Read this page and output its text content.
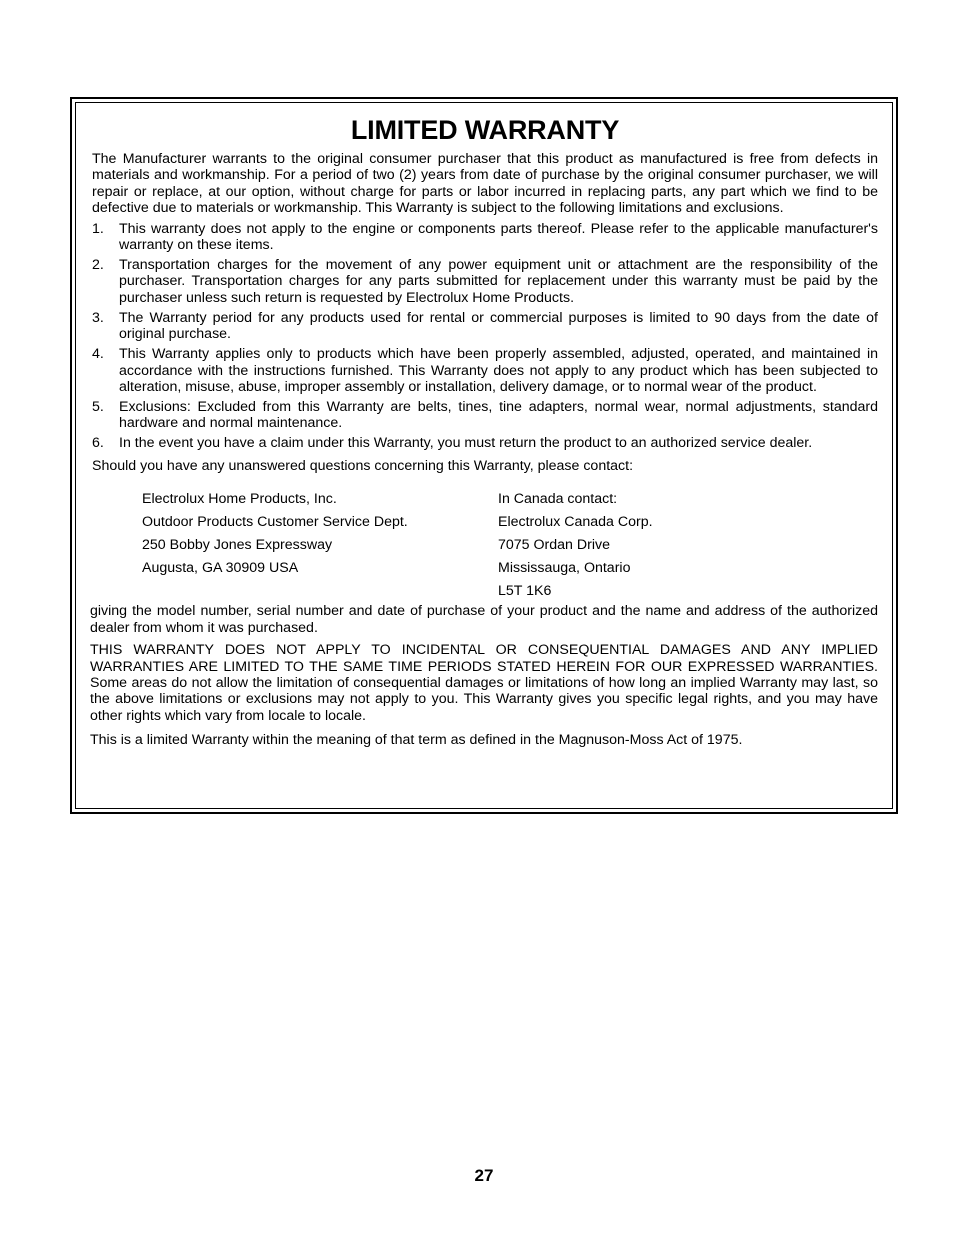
LIMITED WARRANTY

The Manufacturer warrants to the original consumer purchaser that this product as manufactured is free from defects in materials and workmanship. For a period of two (2) years from date of purchase by the original consumer purchaser, we will repair or replace, at our option, without charge for parts or labor incurred in replacing parts, any part which we find to be defective due to materials or workmanship. This Warranty is subject to the following limitations and exclusions.

1.	This warranty does not apply to the engine or components parts thereof. Please refer to the applicable manufacturer's warranty on these items.
2.	Transportation charges for the movement of any power equipment unit or attachment are the responsibility of the purchaser. Transportation charges for any parts submitted for replacement under this warranty must be paid by the purchaser unless such return is requested by Electrolux Home Products.
3.	The Warranty period for any products used for rental or commercial purposes is limited to 90 days from the date of original purchase.
4.	This Warranty applies only to products which have been properly assembled, adjusted, operated, and maintained in accordance with the instructions furnished. This Warranty does not apply to any product which has been subjected to alteration, misuse, abuse, improper assembly or installation, delivery damage, or to normal wear of the product.
5.	Exclusions: Excluded from this Warranty are belts, tines, tine adapters, normal wear, normal adjustments, standard hardware and normal maintenance.
6.	In the event you have a claim under this Warranty, you must return the product to an authorized service dealer.

Should you have any unanswered questions concerning this Warranty, please contact:

Electrolux Home Products, Inc.
Outdoor Products Customer Service Dept.
250 Bobby Jones Expressway
Augusta, GA 30909 USA
In Canada contact:
Electrolux Canada Corp.
7075 Ordan Drive
Mississauga, Ontario
L5T 1K6

giving the model number, serial number and date of purchase of your product and the name and address of the authorized dealer from whom it was purchased.

THIS WARRANTY DOES NOT APPLY TO INCIDENTAL OR CONSEQUENTIAL DAMAGES AND ANY IMPLIED WARRANTIES ARE LIMITED TO THE SAME TIME PERIODS STATED HEREIN FOR OUR EXPRESSED WARRANTIES. Some areas do not allow the limitation of consequential damages or limitations of how long an implied Warranty may last, so the above limitations or exclusions may not apply to you. This Warranty gives you specific legal rights, and you may have other rights which vary from locale to locale.

This is a limited Warranty within the meaning of that term as defined in the Magnuson-Moss Act of 1975.

27
